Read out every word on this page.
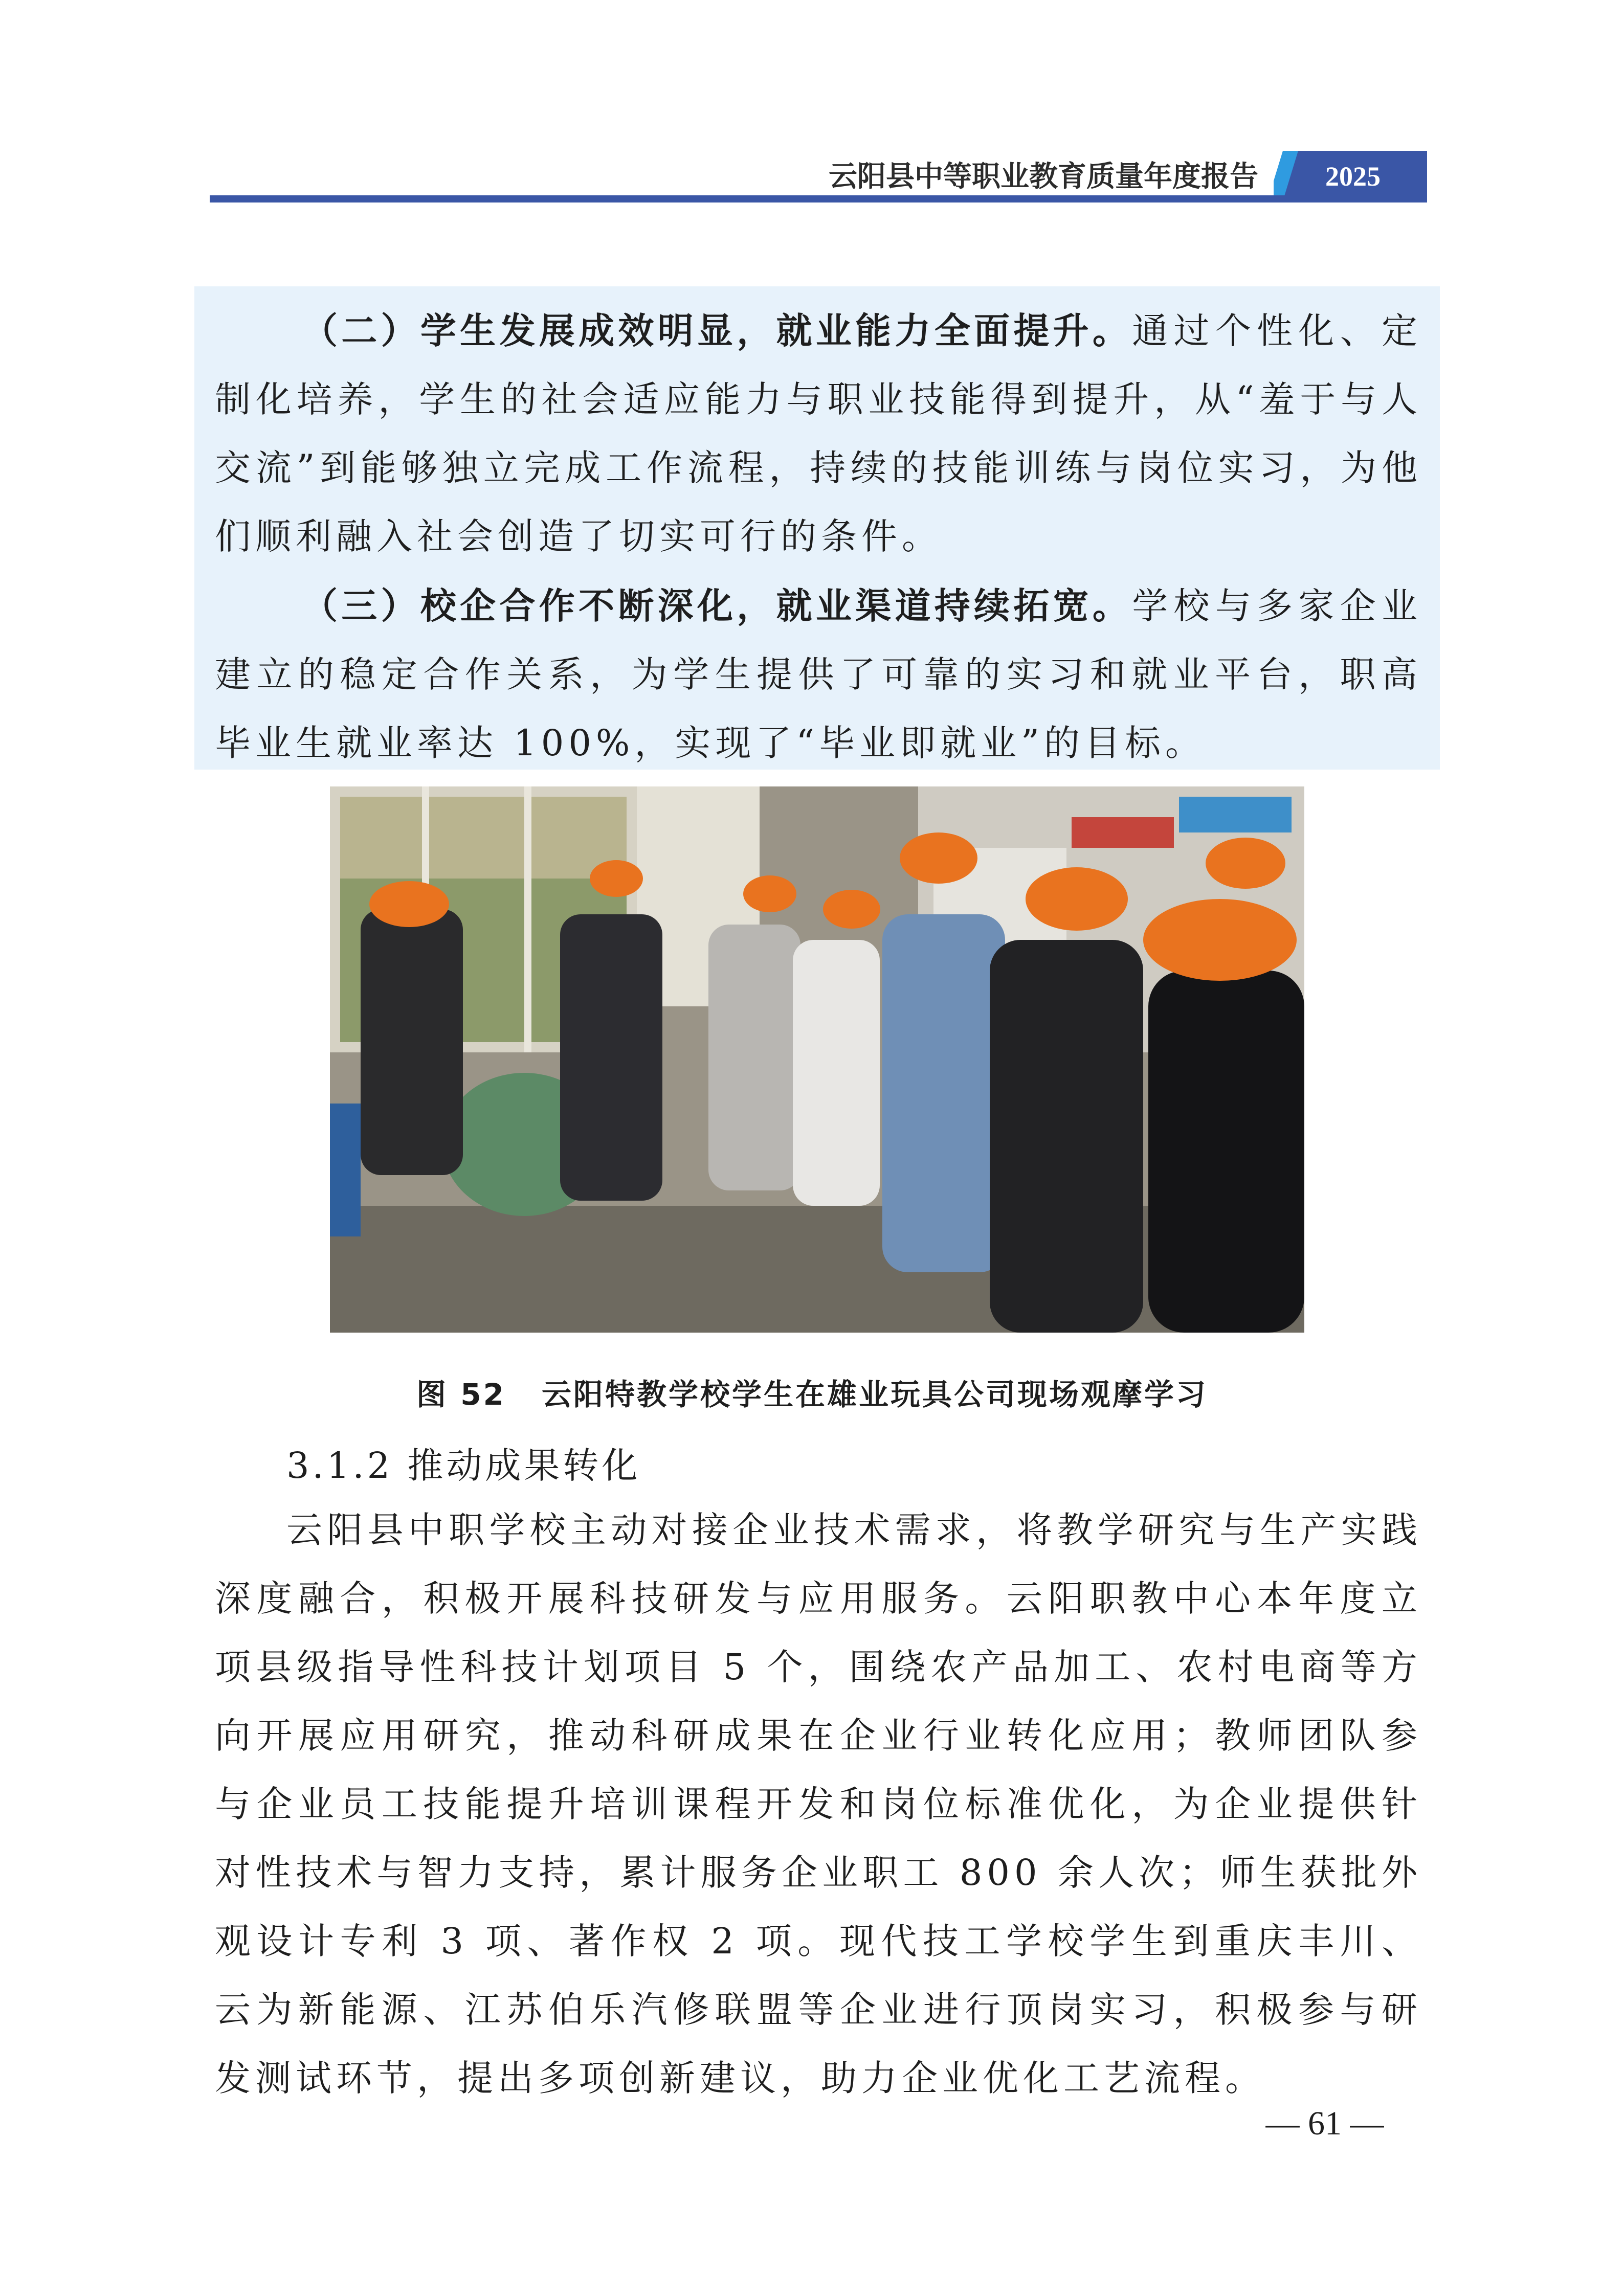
云阳县中等职业教育质量年度报告	2025
（二）学生发展成效明显，就业能力全面提升。通过个性化、定制化培养，学生的社会适应能力与职业技能得到提升，从“羞于与人交流”到能够独立完成工作流程，持续的技能训练与岗位实习，为他们顺利融入社会创造了切实可行的条件。
（三）校企合作不断深化，就业渠道持续拓宽。学校与多家企业建立的稳定合作关系，为学生提供了可靠的实习和就业平台，职高毕业生就业率达 100%，实现了“毕业即就业”的目标。
图 52 云阳特教学校学生在雄业玩具公司现场观摩学习
3.1.2 推动成果转化
云阳县中职学校主动对接企业技术需求，将教学研究与生产实践深度融合，积极开展科技研发与应用服务。云阳职教中心本年度立项县级指导性科技计划项目 5 个，围绕农产品加工、农村电商等方向开展应用研究，推动科研成果在企业行业转化应用；教师团队参与企业员工技能提升培训课程开发和岗位标准优化，为企业提供针对性技术与智力支持，累计服务企业职工 800 余人次；师生获批外观设计专利 3 项、著作权 2 项。现代技工学校学生到重庆丰川、云为新能源、江苏伯乐汽修联盟等企业进行顶岗实习，积极参与研发测试环节，提出多项创新建议，助力企业优化工艺流程。
— 61 —
